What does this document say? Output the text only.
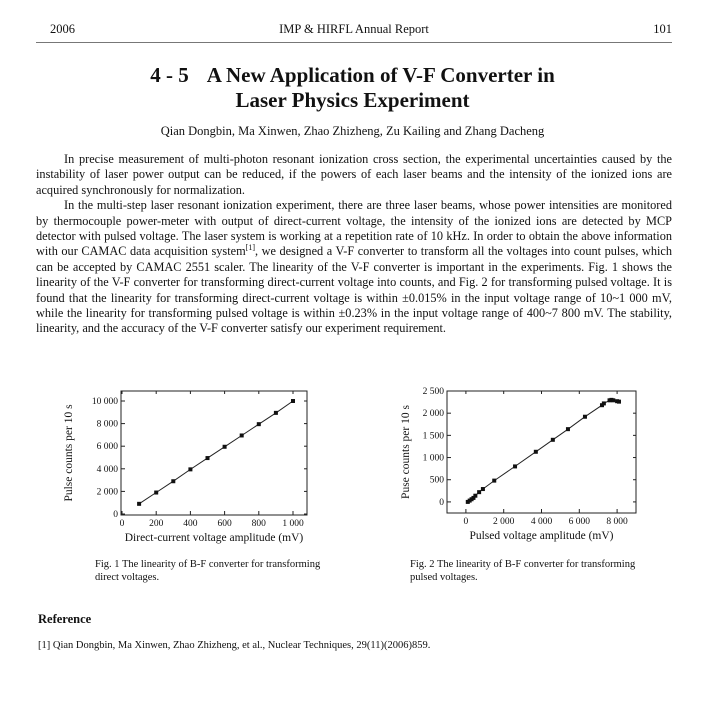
2006	IMP & HIRFL Annual Report	101
4 - 5 A New Application of V-F Converter in
Laser Physics Experiment
Qian Dongbin, Ma Xinwen, Zhao Zhizheng, Zu Kailing and Zhang Dacheng

In precise measurement of multi-photon resonant ionization cross section, the experimental uncertainties caused by the instability of laser power output can be reduced, if the powers of each laser beams and the intensity of the ionized ions are acquired synchronously for normalization.

In the multi-step laser resonant ionization experiment, there are three laser beams, whose power intensities are monitored by thermocouple power-meter with output of direct-current voltage, the intensity of the ionized ions are detected by MCP detector with pulsed voltage. The laser system is working at a repetition rate of 10 kHz. In order to obtain the above information with our CAMAC data acquisition system[1], we designed a V-F converter to transform all the voltages into count pulses, which can be accepted by CAMAC 2551 scaler. The linearity of the V-F converter is important in the experiments. Fig. 1 shows the linearity of the V-F converter for transforming direct-current voltage into counts, and Fig. 2 for transforming pulsed voltage. It is found that the linearity for transforming direct-current voltage is within ±0.015% in the input voltage range of 10~1 000 mV, while the linearity for transforming pulsed voltage is within ±0.23% in the input voltage range of 400~7 800 mV. The stability, linearity, and the accuracy of the V-F converter satisfy our experiment requirement.

0	200 400 600 800 1 000
0
2 000
4 000
6 000
8 000
10 000
Direct-current voltage amplitude (mV)
Pulse counts per 10 s
Fig. 1 The linearity of B-F converter for transforming direct voltages.
0	2 000 4 000 6 000 8 000
0
500
1 000
1 500
2 000
2 500
Pulsed voltage amplitude (mV)
Puse counts per 10 s
Fig. 2 The linearity of B-F converter for transforming pulsed voltages.
Reference
[1] Qian Dongbin, Ma Xinwen, Zhao Zhizheng, et al., Nuclear Techniques, 29(11)(2006)859.
